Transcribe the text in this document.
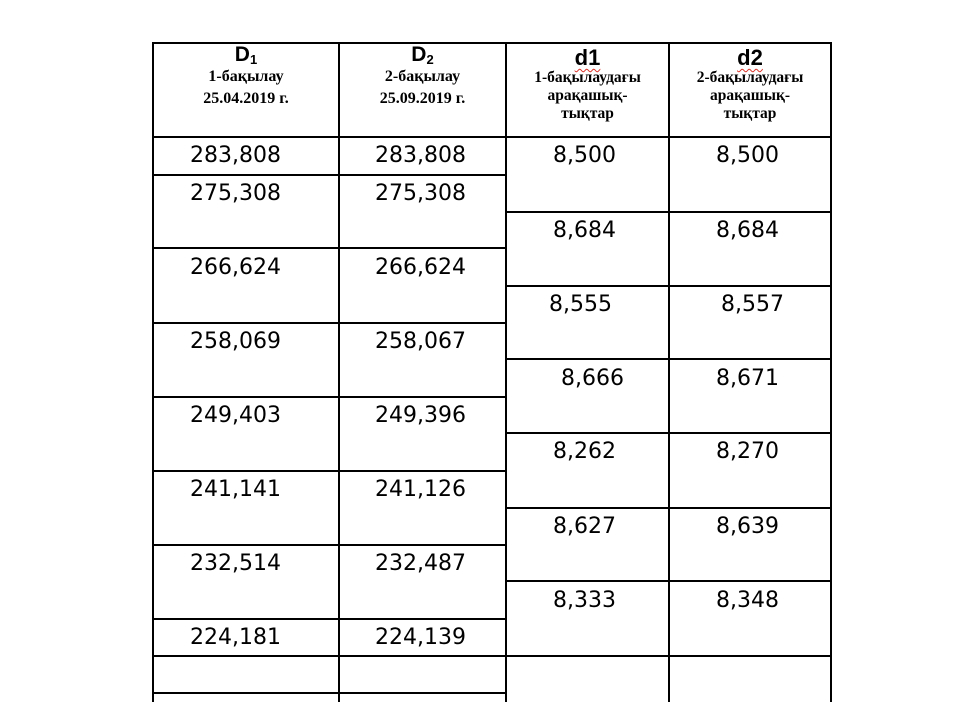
$D_1$
1-бақылау
25.04.2019 г.
$D_2$
2-бақылау
25.09.2019 г.
d1
1-бақылаудағы
арақашық-
тықтар
d2
2-бақылаудағы
арақашық-
тықтар
283,808
275,308
266,624
258,069
249,403
241,141
232,514
224,181
283,808
275,308
266,624
258,067
249,396
241,126
232,487
224,139
8,500
8,684
8,555
8,666
8,262
8,627
8,333
8,500
8,684
8,557
8,671
8,270
8,639
8,348
